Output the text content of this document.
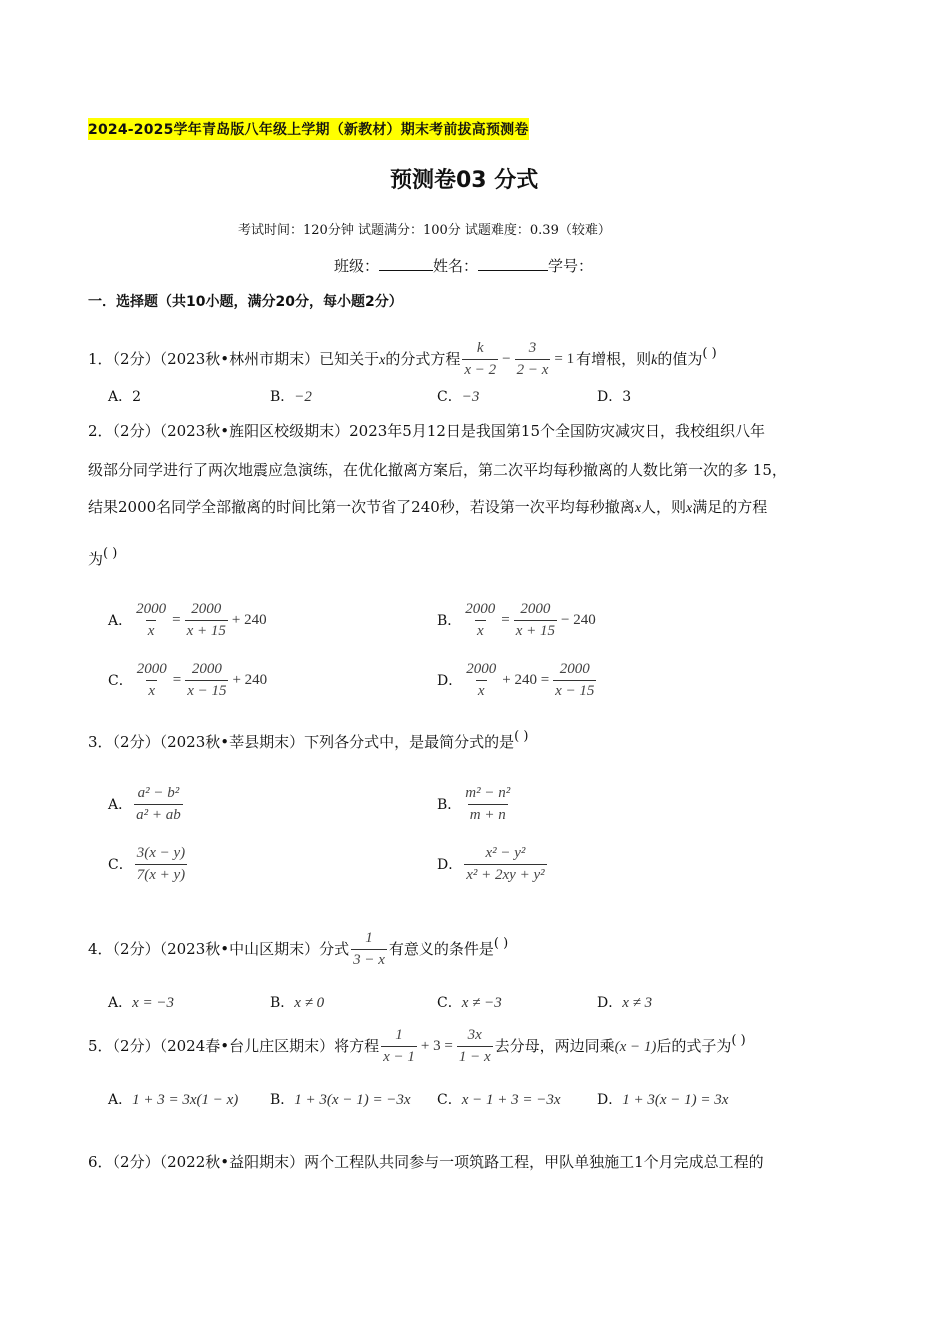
2024-2025学年青岛版八年级上学期（新教材）期末考前拔高预测卷
预测卷03 分式
考试时间：120分钟 试题满分：100分 试题难度：0.39（较难）
班级：	姓名：	学号：
一．选择题（共10小题，满分20分，每小题2分）
1．（2分）（2023秋•林州市期末）已知关于x的分式方程 $\frac{k}{x - 2} - \frac{3}{2 - x} = 1$ 有增根，则k的值为( )
A．2	B．−2	C．−3	D．3
2．（2分）（2023秋•旌阳区校级期末）2023年5月12日是我国第15个全国防灾减灾日，我校组织八年
级部分同学进行了两次地震应急演练，在优化撤离方案后，第二次平均每秒撤离的人数比第一次的多 15，
结果2000名同学全部撤离的时间比第一次节省了240秒，若设第一次平均每秒撤离x人，则x满足的方程
为( )
A． $\frac{2000}{x} = \frac{2000}{x + 15} + 240$	B． $\frac{2000}{x} = \frac{2000}{x + 15} - 240$
C． $\frac{2000}{x} = \frac{2000}{x - 15} + 240$	D． $\frac{2000}{x} + 240 = \frac{2000}{x - 15}$
3．（2分）（2023秋•莘县期末）下列各分式中，是最简分式的是( )
A． $\frac{\text{a² − b²}}{\text{a² + ab}}$	B． $\frac{\text{m² − n²}}{m + n}$
C． $\frac{3(x - y)}{7(x + y)}$	D． $\frac{\text{x² − y²}}{\text{x² + 2xy + y²}}$
4．（2分）（2023秋•中山区期末）分式 $\frac{1}{3 - x}$ 有意义的条件是( )
A．x = −3	B．x ≠ 0	C．x ≠ −3	D．x ≠ 3
5．（2分）（2024春•台儿庄区期末）将方程 $\frac{1}{x - 1} + 3 = \frac{3x}{1 - x}$ 去分母，两边同乘(x − 1)后的式子为( )
A．1 + 3 = 3x(1 − x) B．1 + 3(x − 1) = −3x C．x − 1 + 3 = −3x	D．1 + 3(x − 1) = 3x
6．（2分）（2022秋•益阳期末）两个工程队共同参与一项筑路工程，甲队单独施工1个月完成总工程的
